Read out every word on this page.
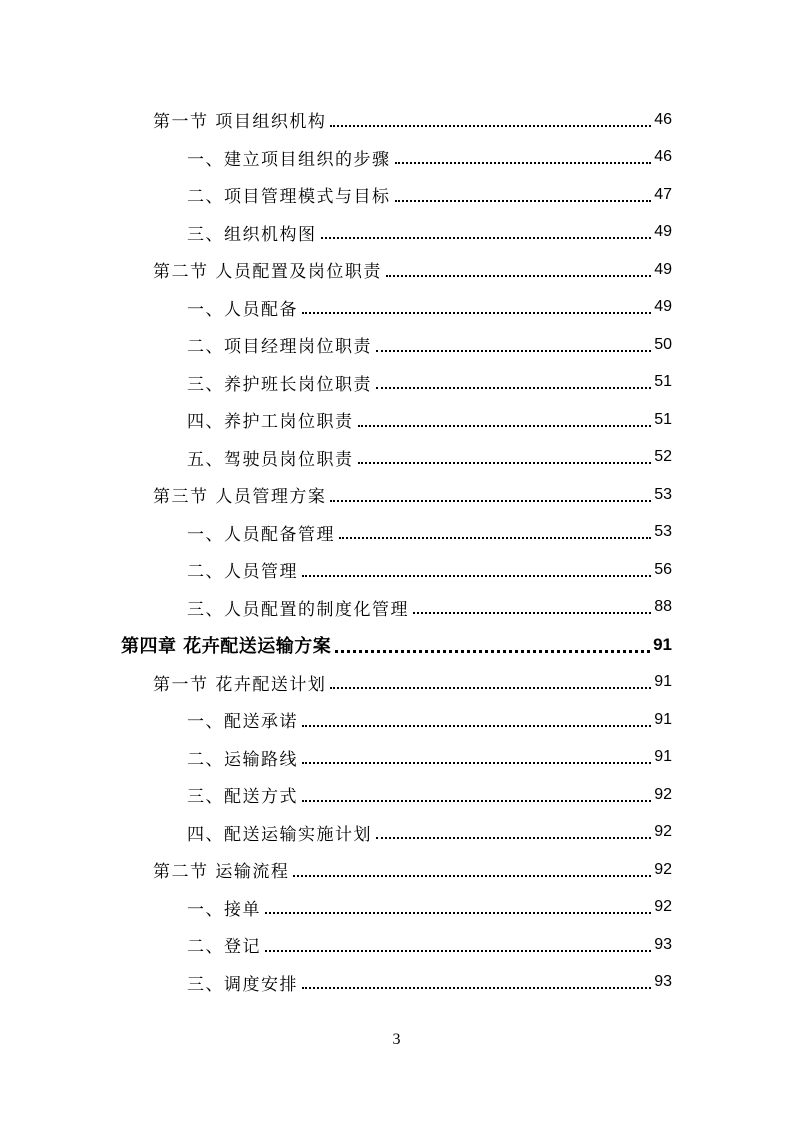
第一节 项目组织机构	46
一、建立项目组织的步骤	46
二、项目管理模式与目标	47
三、组织机构图	49
第二节 人员配置及岗位职责	49
一、人员配备	49
二、项目经理岗位职责	50
三、养护班长岗位职责	51
四、养护工岗位职责	51
五、驾驶员岗位职责	52
第三节 人员管理方案	53
一、人员配备管理	53
二、人员管理	56
三、人员配置的制度化管理	88
第四章 花卉配送运输方案	91
第一节 花卉配送计划	91
一、配送承诺	91
二、运输路线	91
三、配送方式	92
四、配送运输实施计划	92
第二节 运输流程	92
一、接单	92
二、登记	93
三、调度安排	93
3
